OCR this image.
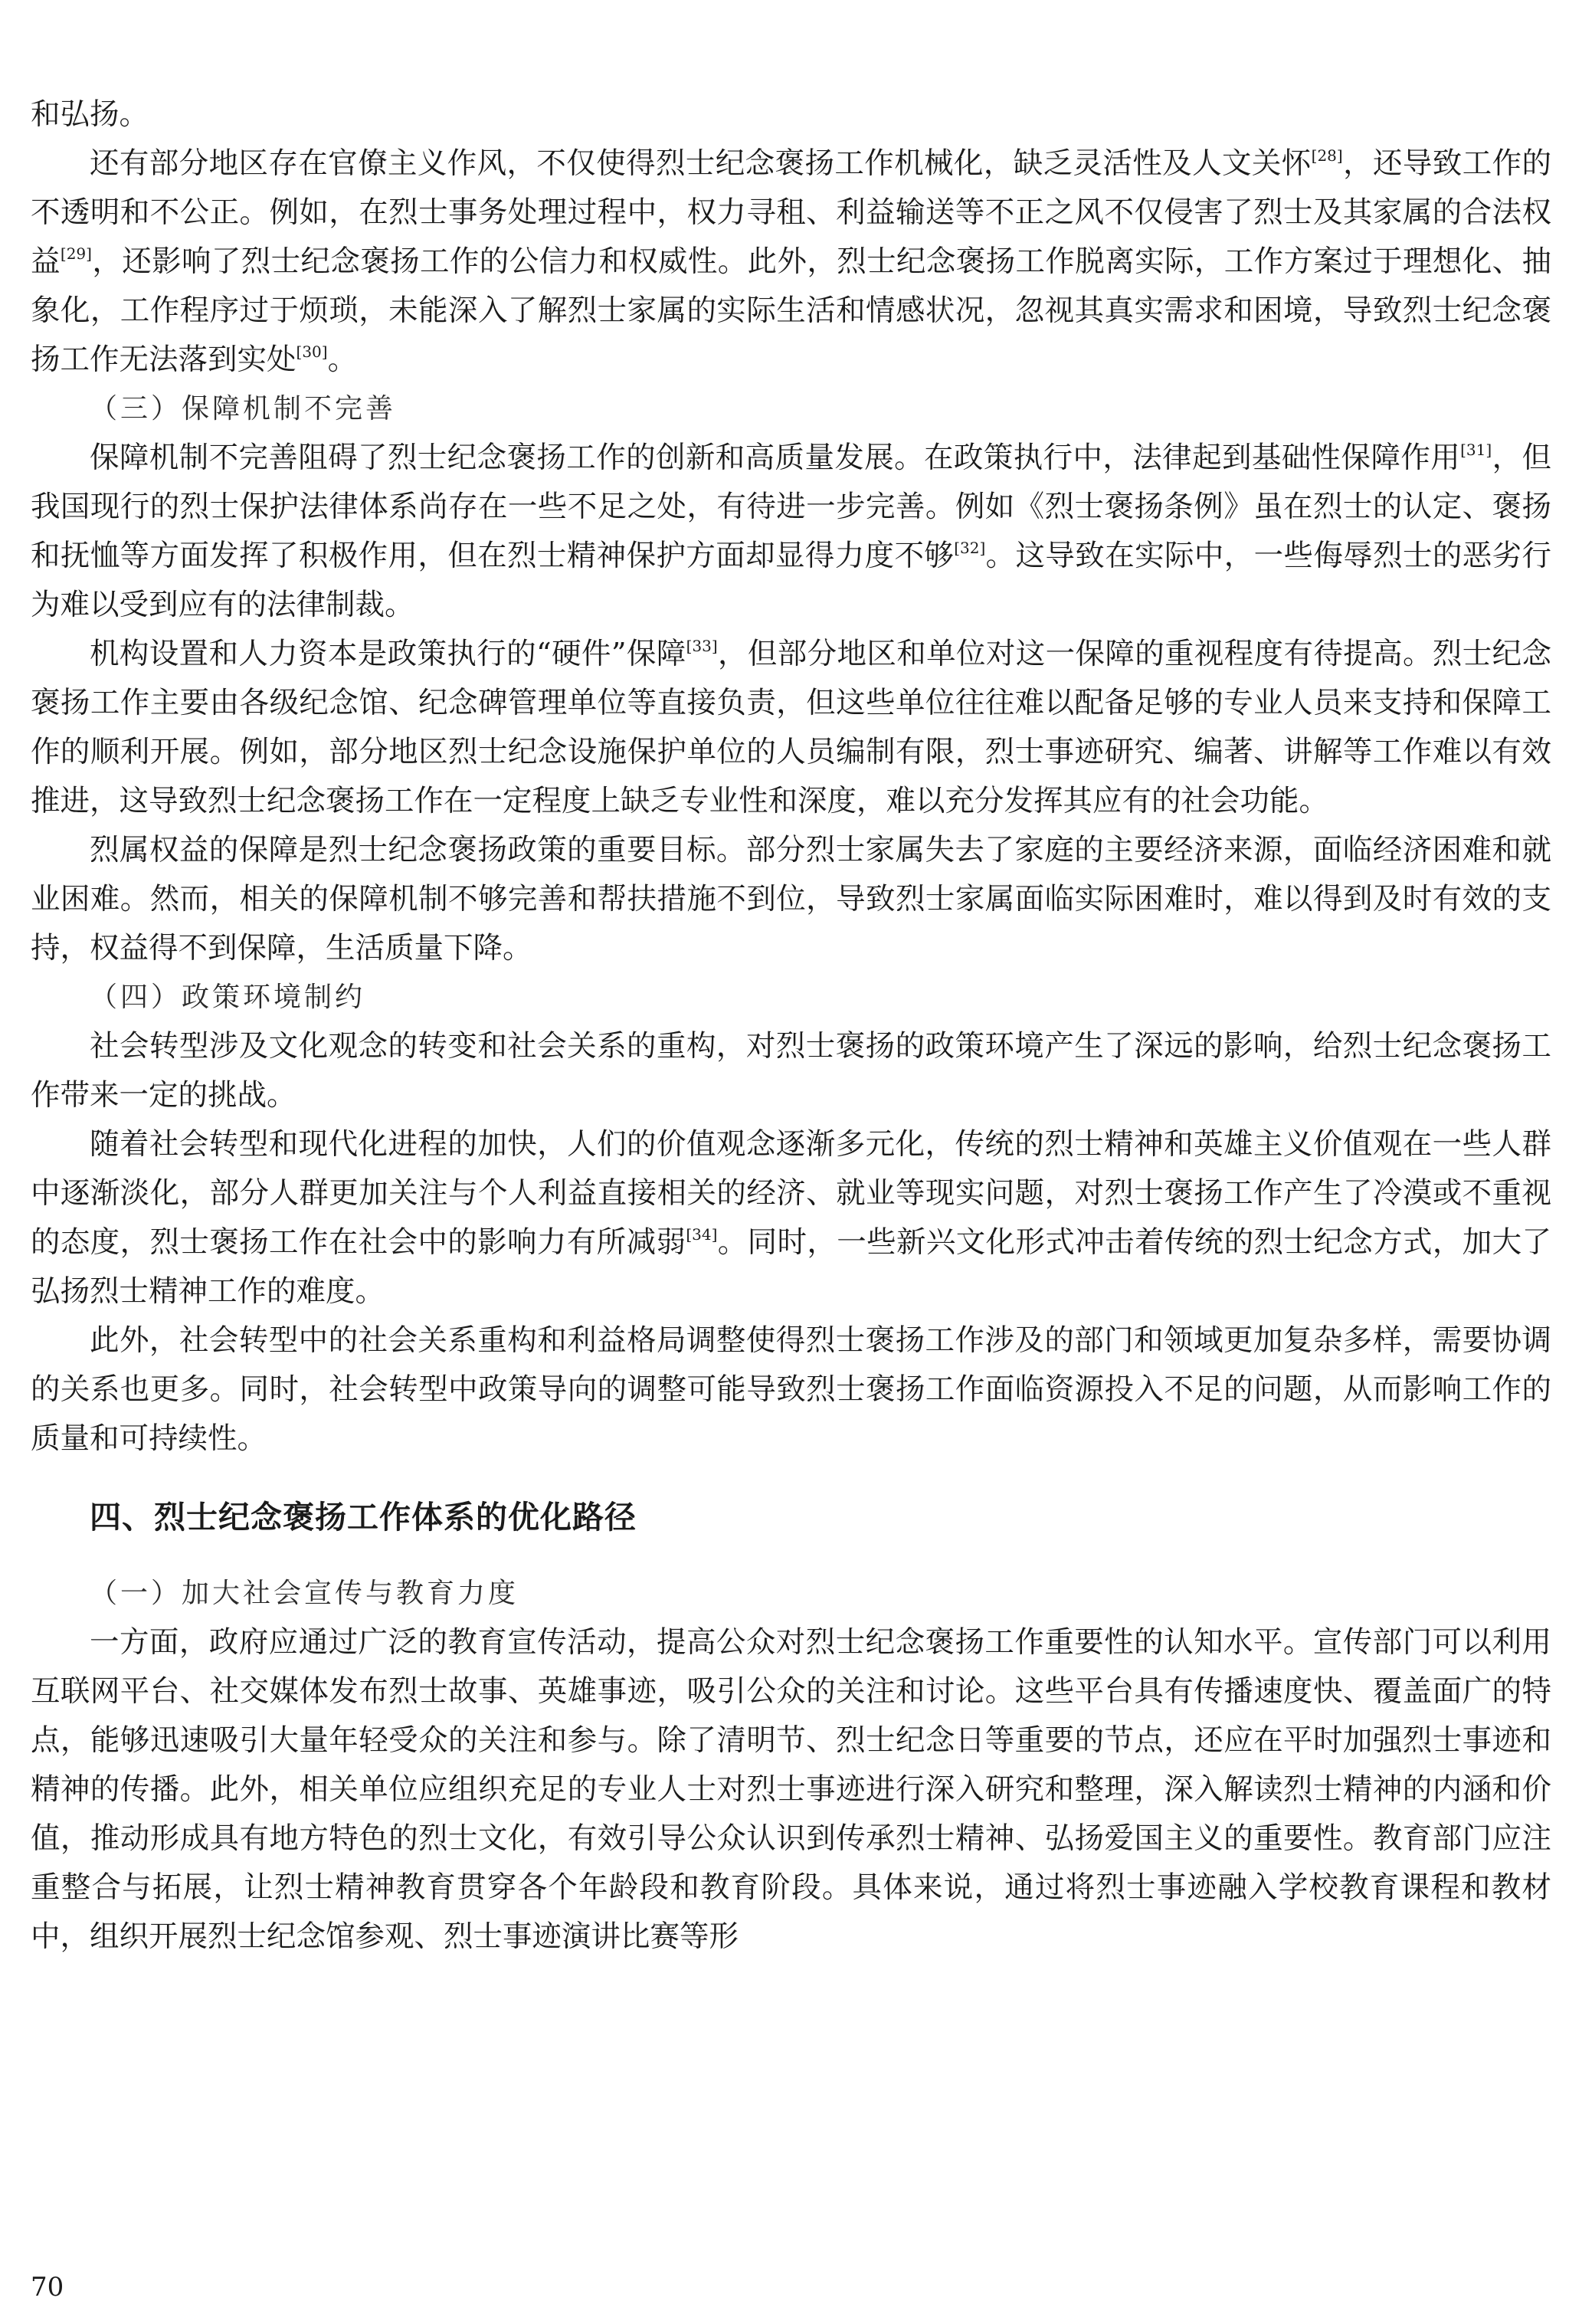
和弘扬。

还有部分地区存在官僚主义作风，不仅使得烈士纪念褒扬工作机械化，缺乏灵活性及人文关怀[28]，还导致工作的不透明和不公正。例如，在烈士事务处理过程中，权力寻租、利益输送等不正之风不仅侵害了烈士及其家属的合法权益[29]，还影响了烈士纪念褒扬工作的公信力和权威性。此外，烈士纪念褒扬工作脱离实际，工作方案过于理想化、抽象化，工作程序过于烦琐，未能深入了解烈士家属的实际生活和情感状况，忽视其真实需求和困境，导致烈士纪念褒扬工作无法落到实处[30]。

（三）保障机制不完善

保障机制不完善阻碍了烈士纪念褒扬工作的创新和高质量发展。在政策执行中，法律起到基础性保障作用[31]，但我国现行的烈士保护法律体系尚存在一些不足之处，有待进一步完善。例如《烈士褒扬条例》虽在烈士的认定、褒扬和抚恤等方面发挥了积极作用，但在烈士精神保护方面却显得力度不够[32]。这导致在实际中，一些侮辱烈士的恶劣行为难以受到应有的法律制裁。

机构设置和人力资本是政策执行的“硬件”保障[33]，但部分地区和单位对这一保障的重视程度有待提高。烈士纪念褒扬工作主要由各级纪念馆、纪念碑管理单位等直接负责，但这些单位往往难以配备足够的专业人员来支持和保障工作的顺利开展。例如，部分地区烈士纪念设施保护单位的人员编制有限，烈士事迹研究、编著、讲解等工作难以有效推进，这导致烈士纪念褒扬工作在一定程度上缺乏专业性和深度，难以充分发挥其应有的社会功能。

烈属权益的保障是烈士纪念褒扬政策的重要目标。部分烈士家属失去了家庭的主要经济来源，面临经济困难和就业困难。然而，相关的保障机制不够完善和帮扶措施不到位，导致烈士家属面临实际困难时，难以得到及时有效的支持，权益得不到保障，生活质量下降。

（四）政策环境制约

社会转型涉及文化观念的转变和社会关系的重构，对烈士褒扬的政策环境产生了深远的影响，给烈士纪念褒扬工作带来一定的挑战。

随着社会转型和现代化进程的加快，人们的价值观念逐渐多元化，传统的烈士精神和英雄主义价值观在一些人群中逐渐淡化，部分人群更加关注与个人利益直接相关的经济、就业等现实问题，对烈士褒扬工作产生了冷漠或不重视的态度，烈士褒扬工作在社会中的影响力有所减弱[34]。同时，一些新兴文化形式冲击着传统的烈士纪念方式，加大了弘扬烈士精神工作的难度。

此外，社会转型中的社会关系重构和利益格局调整使得烈士褒扬工作涉及的部门和领域更加复杂多样，需要协调的关系也更多。同时，社会转型中政策导向的调整可能导致烈士褒扬工作面临资源投入不足的问题，从而影响工作的质量和可持续性。

四、烈士纪念褒扬工作体系的优化路径

（一）加大社会宣传与教育力度

一方面，政府应通过广泛的教育宣传活动，提高公众对烈士纪念褒扬工作重要性的认知水平。宣传部门可以利用互联网平台、社交媒体发布烈士故事、英雄事迹，吸引公众的关注和讨论。这些平台具有传播速度快、覆盖面广的特点，能够迅速吸引大量年轻受众的关注和参与。除了清明节、烈士纪念日等重要的节点，还应在平时加强烈士事迹和精神的传播。此外，相关单位应组织充足的专业人士对烈士事迹进行深入研究和整理，深入解读烈士精神的内涵和价值，推动形成具有地方特色的烈士文化，有效引导公众认识到传承烈士精神、弘扬爱国主义的重要性。教育部门应注重整合与拓展，让烈士精神教育贯穿各个年龄段和教育阶段。具体来说，通过将烈士事迹融入学校教育课程和教材中，组织开展烈士纪念馆参观、烈士事迹演讲比赛等形

70
